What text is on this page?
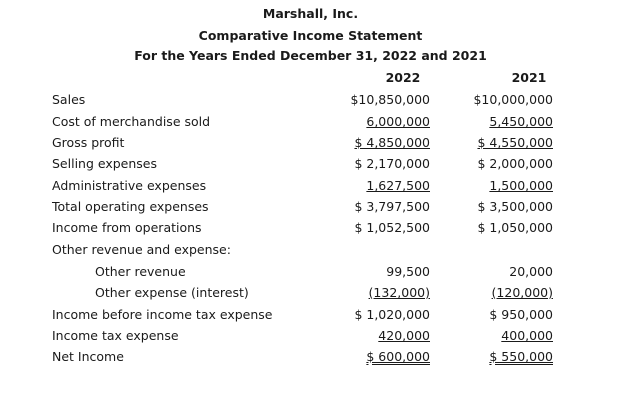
Marshall, Inc.
Comparative Income Statement
For the Years Ended December 31, 2022 and 2021
2022	2021
Sales	$10,850,000	$10,000,000
Cost of merchandise sold	6,000,000	5,450,000
Gross profit	$ 4,850,000	$ 4,550,000
Selling expenses	$ 2,170,000	$ 2,000,000
Administrative expenses	1,627,500	1,500,000
Total operating expenses	$ 3,797,500	$ 3,500,000
Income from operations	$ 1,052,500	$ 1,050,000
Other revenue and expense:
Other revenue	99,500	20,000
Other expense (interest)	(132,000)	(120,000)
Income before income tax expense	$ 1,020,000	$ 950,000
Income tax expense	420,000	400,000
Net Income	$ 600,000	$ 550,000
